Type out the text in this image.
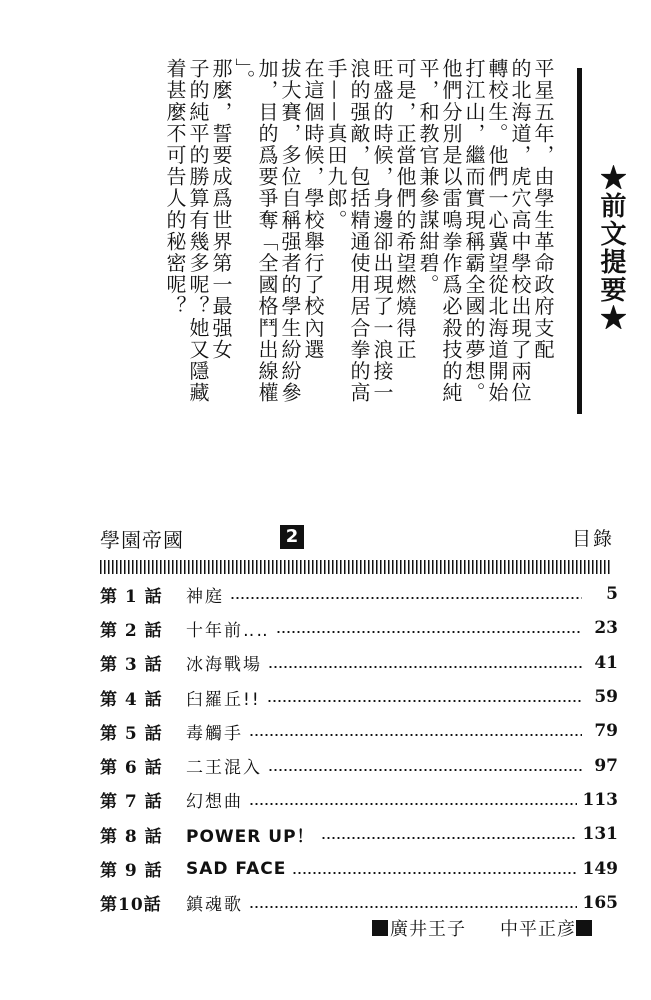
平星五年，由學生革命政府支配
的北海道，虎穴高中學校出現了兩位
轉校生。他們一心冀望從北海道開始
打江山，繼而實現稱霸全國的夢想。
他們分別是以雷鳴拳作爲必殺技的純
平，和教官兼參謀紺碧。
可是，正當他們的希望燃燒得正
旺盛的時候，身邊卻出現了一浪接一
浪的强敵，包括精通使用居合拳的高
手——真田九郎。
在這個時候，學校舉行了校內選
拔大賽，多位自稱强者的學生紛紛參
加，目的爲要爭奪「全國格鬥出線權
」。
那麼，誓要成爲世界第一最强女
子的純平的勝算有幾多呢？她又隱藏
着甚麼不可告人的秘密呢？	★前文提要★
學園帝國	2	目錄
第 1 話	神庭	5
第 2 話	十年前‥‥	23
第 3 話	冰海戰場	41
第 4 話	臼羅丘!!	59
第 5 話	毒觸手	79
第 6 話	二王混入	97
第 7 話	幻想曲	113
第 8 話	POWER UP！	131
第 9 話	SAD FACE	149
第10話	鎮魂歌	165
廣井王子 中平正彦
